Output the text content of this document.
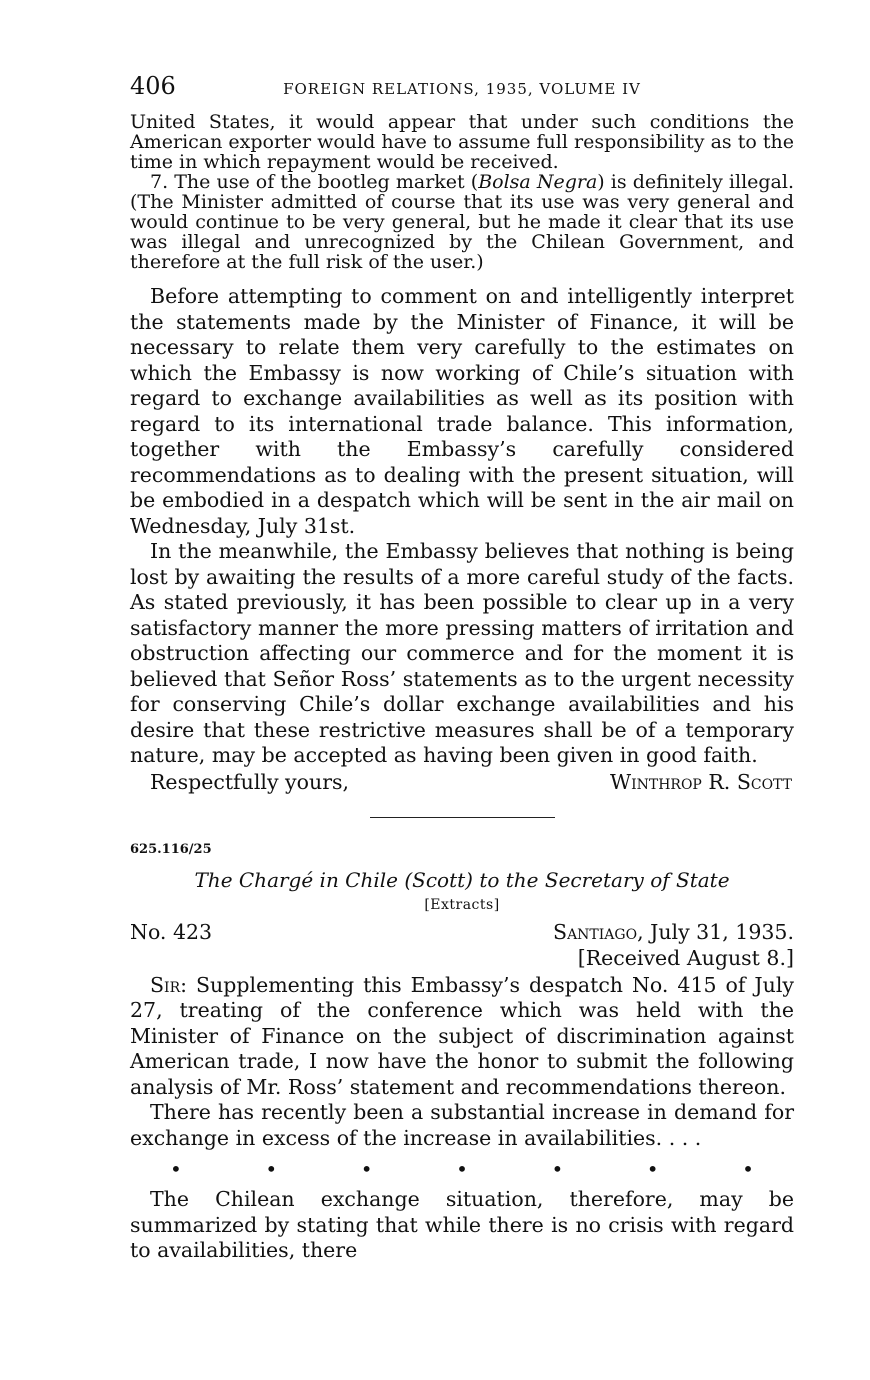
406	FOREIGN RELATIONS, 1935, VOLUME IV

United States, it would appear that under such conditions the American exporter would have to assume full responsibility as to the time in which repayment would be received.

7. The use of the bootleg market (Bolsa Negra) is definitely illegal. (The Minister admitted of course that its use was very general and would continue to be very general, but he made it clear that its use was illegal and unrecognized by the Chilean Government, and therefore at the full risk of the user.)

Before attempting to comment on and intelligently interpret the statements made by the Minister of Finance, it will be necessary to relate them very carefully to the estimates on which the Embassy is now working of Chile’s situation with regard to exchange availabilities as well as its position with regard to its international trade balance. This information, together with the Embassy’s carefully considered recommendations as to dealing with the present situation, will be embodied in a despatch which will be sent in the air mail on Wednesday, July 31st.

In the meanwhile, the Embassy believes that nothing is being lost by awaiting the results of a more careful study of the facts. As stated previously, it has been possible to clear up in a very satisfactory manner the more pressing matters of irritation and obstruction affecting our commerce and for the moment it is believed that Señor Ross’ statements as to the urgent necessity for conserving Chile’s dollar exchange availabilities and his desire that these restrictive measures shall be of a temporary nature, may be accepted as having been given in good faith.

Respectfully yours,	Winthrop R. Scott
625.116/25
The Chargé in Chile (Scott) to the Secretary of State
[Extracts]
No. 423	Santiago, July 31, 1935.
[Received August 8.]

Sir: Supplementing this Embassy’s despatch No. 415 of July 27, treating of the conference which was held with the Minister of Finance on the subject of discrimination against American trade, I now have the honor to submit the following analysis of Mr. Ross’ statement and recommendations thereon.

There has recently been a substantial increase in demand for exchange in excess of the increase in availabilities. . . .

•	•	•	•	•	•	•

The Chilean exchange situation, therefore, may be summarized by stating that while there is no crisis with regard to availabilities, there
